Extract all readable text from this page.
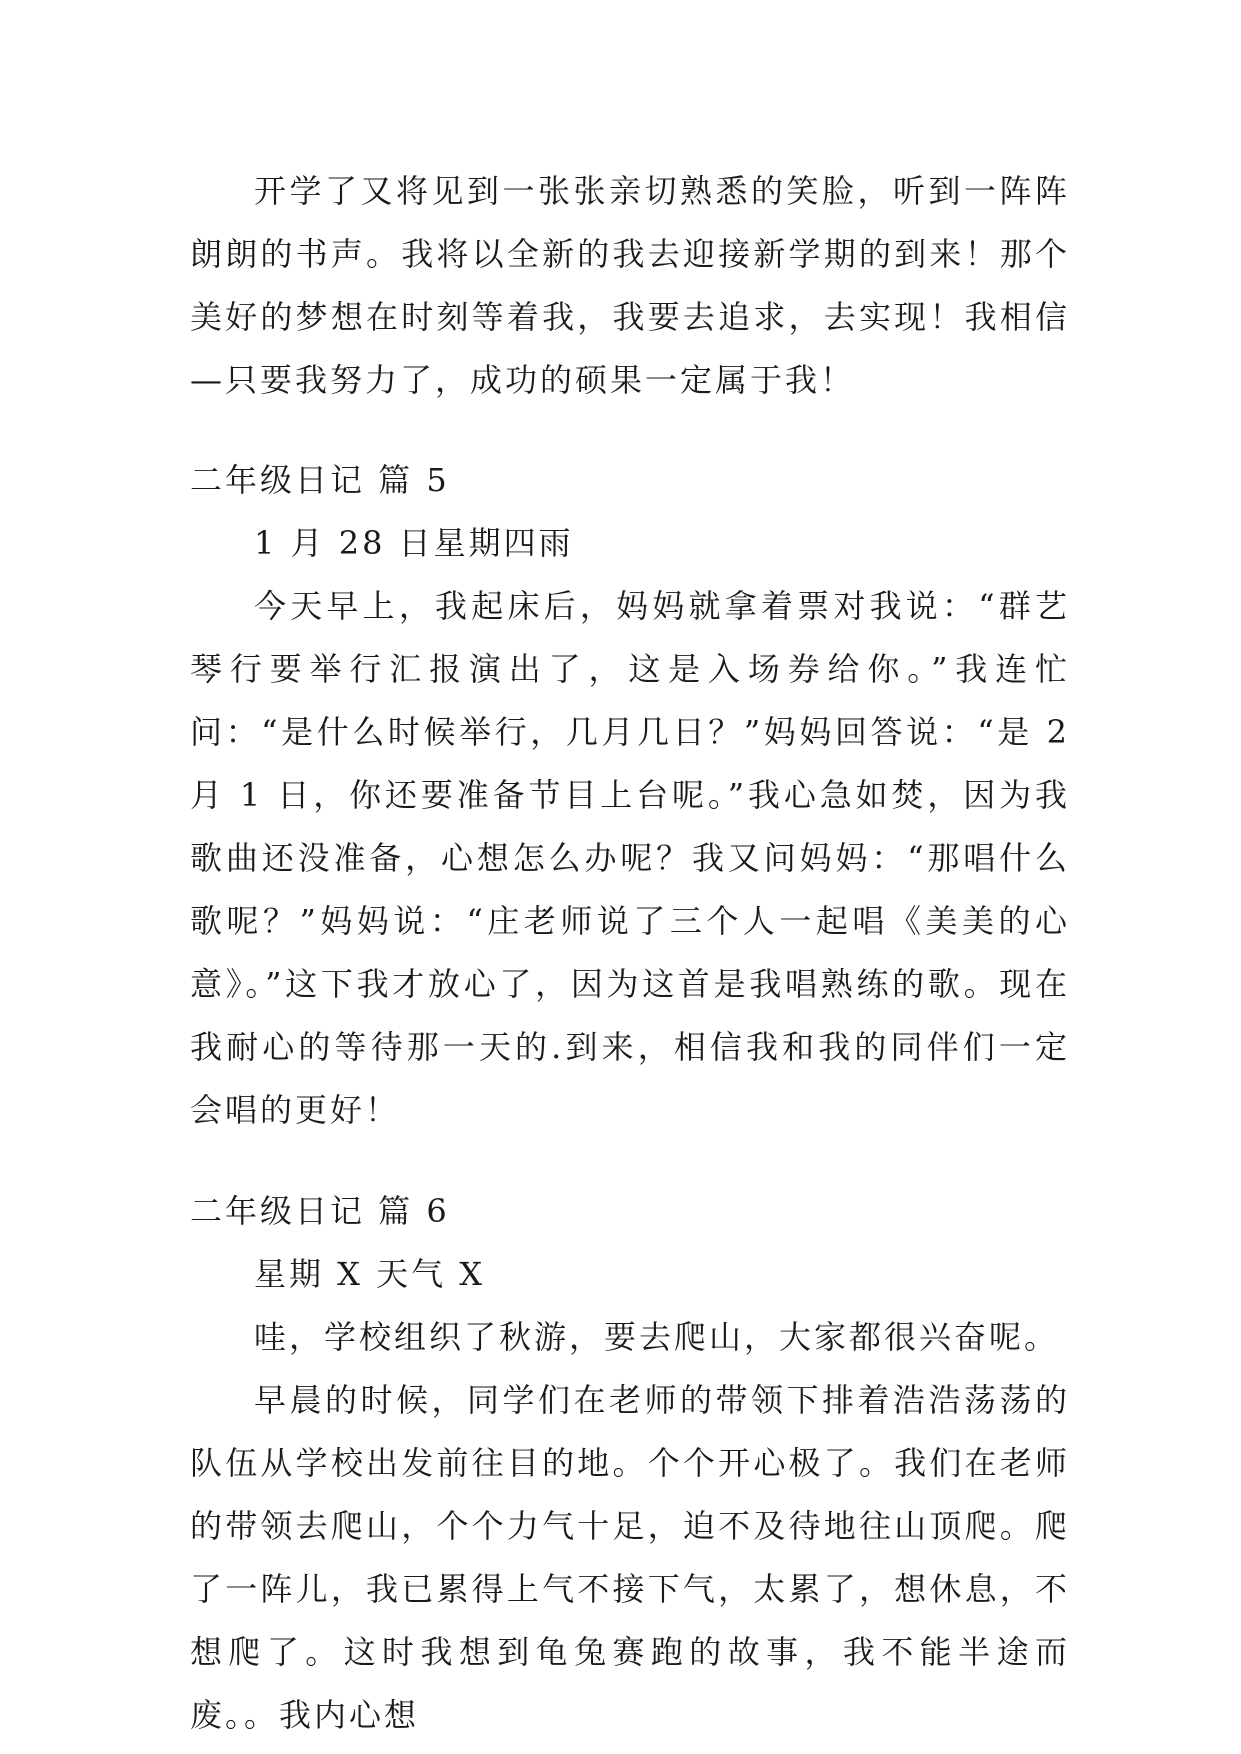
开学了又将见到一张张亲切熟悉的笑脸，听到一阵阵朗朗的书声。我将以全新的我去迎接新学期的到来！那个美好的梦想在时刻等着我，我要去追求，去实现！我相信—只要我努力了，成功的硕果一定属于我！

二年级日记 篇 5

1 月 28 日星期四雨

今天早上，我起床后，妈妈就拿着票对我说：“群艺琴行要举行汇报演出了，这是入场券给你。”我连忙问：“是什么时候举行，几月几日？”妈妈回答说：“是 2 月 1 日，你还要准备节目上台呢。”我心急如焚，因为我歌曲还没准备，心想怎么办呢？我又问妈妈：“那唱什么歌呢？”妈妈说：“庄老师说了三个人一起唱《美美的心意》。”这下我才放心了，因为这首是我唱熟练的歌。现在我耐心的等待那一天的.到来，相信我和我的同伴们一定会唱的更好！

二年级日记 篇 6

星期 X 天气 X

哇，学校组织了秋游，要去爬山，大家都很兴奋呢。

早晨的时候，同学们在老师的带领下排着浩浩荡荡的队伍从学校出发前往目的地。个个开心极了。我们在老师的带领去爬山，个个力气十足，迫不及待地往山顶爬。爬了一阵儿，我已累得上气不接下气，太累了，想休息，不想爬了。这时我想到龟兔赛跑的故事，我不能半途而废。。我内心想
